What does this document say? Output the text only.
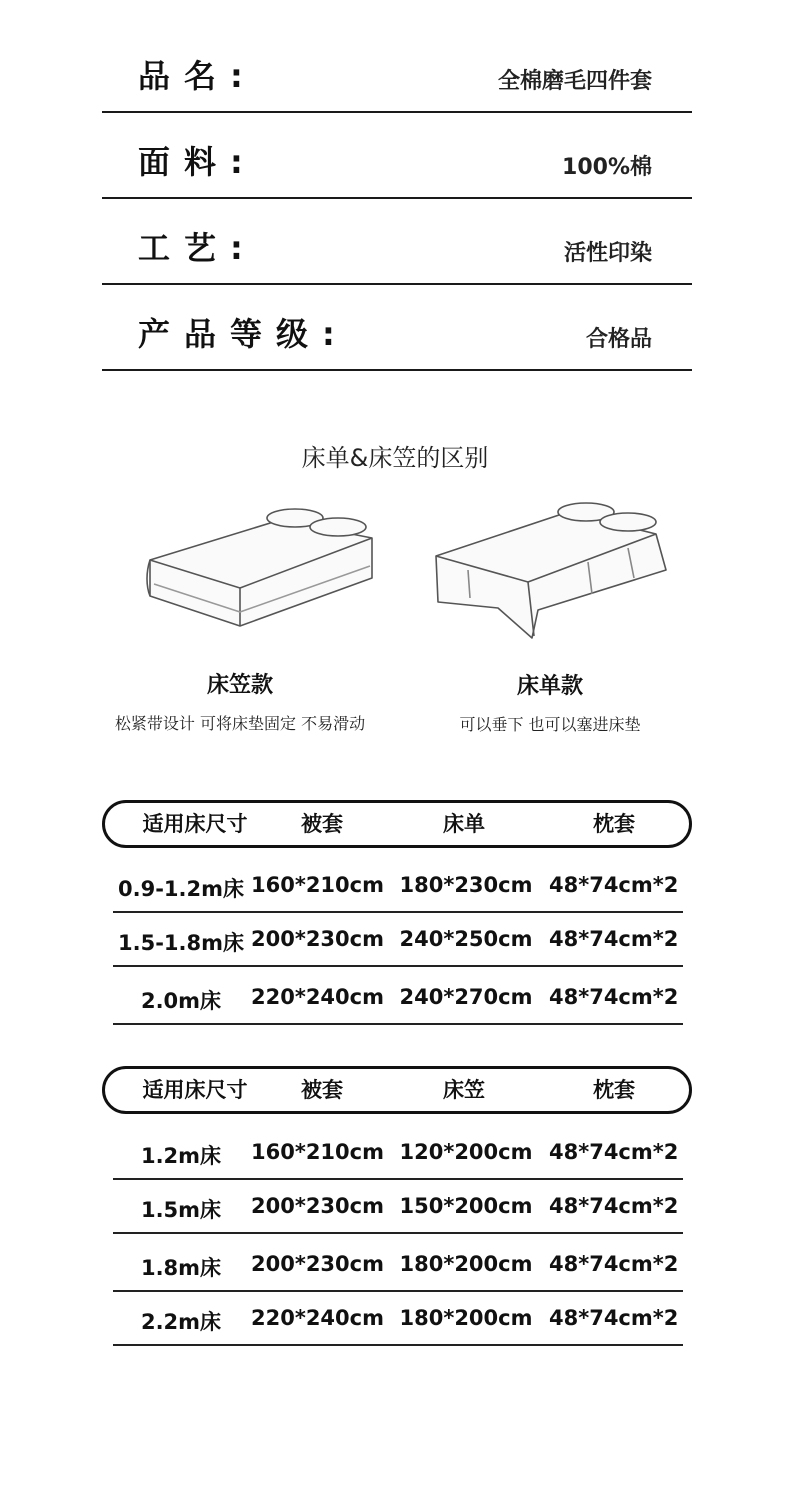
品名:	全棉磨毛四件套
面料:	100%棉
工艺:	活性印染
产品等级:	合格品
床单&床笠的区别
床笠款
松紧带设计 可将床垫固定 不易滑动
床单款
可以垂下 也可以塞进床垫
适用床尺寸	被套	床单	枕套
0.9-1.2m床 160*210cm 180*230cm 48*74cm*2
1.5-1.8m床 200*230cm 240*250cm 48*74cm*2
2.0m床	220*240cm 240*270cm 48*74cm*2
适用床尺寸	被套	床笠	枕套
1.2m床	160*210cm 120*200cm 48*74cm*2
1.5m床	200*230cm 150*200cm 48*74cm*2
1.8m床	200*230cm 180*200cm 48*74cm*2
2.2m床	220*240cm 180*200cm 48*74cm*2
